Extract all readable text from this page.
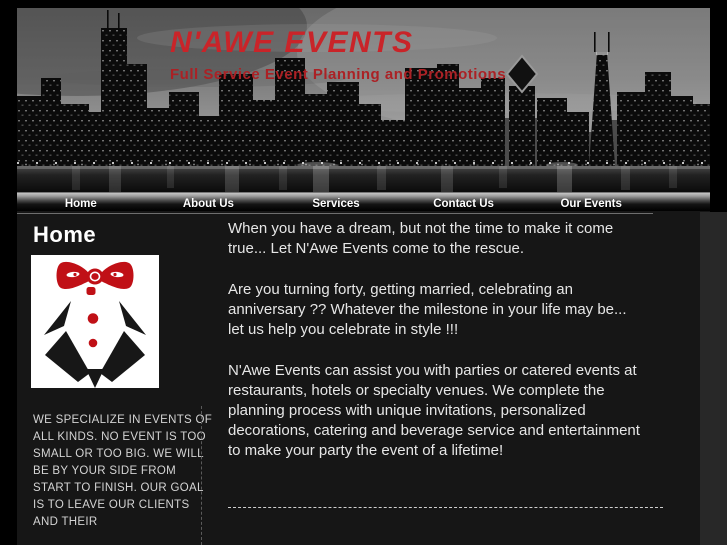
N'AWE EVENTS
Full Service Event Planning and Promotions
Home	About Us	Services	Contact Us	Our Events
Home
WE SPECIALIZE IN EVENTS OF ALL KINDS. NO EVENT IS TOO SMALL OR TOO BIG. WE WILL BE BY YOUR SIDE FROM START TO FINISH. OUR GOAL IS TO LEAVE OUR CLIENTS AND THEIR

When you have a dream, but not the time to make it come true... Let N'Awe Events come to the rescue.

Are you turning forty, getting married, celebrating an anniversary ?? Whatever the milestone in your life may be... let us help you celebrate in style !!!

N'Awe Events can assist you with parties or catered events at restaurants, hotels or specialty venues. We complete the planning process with unique invitations, personalized decorations, catering and beverage service and entertainment to make your party the event of a lifetime!
